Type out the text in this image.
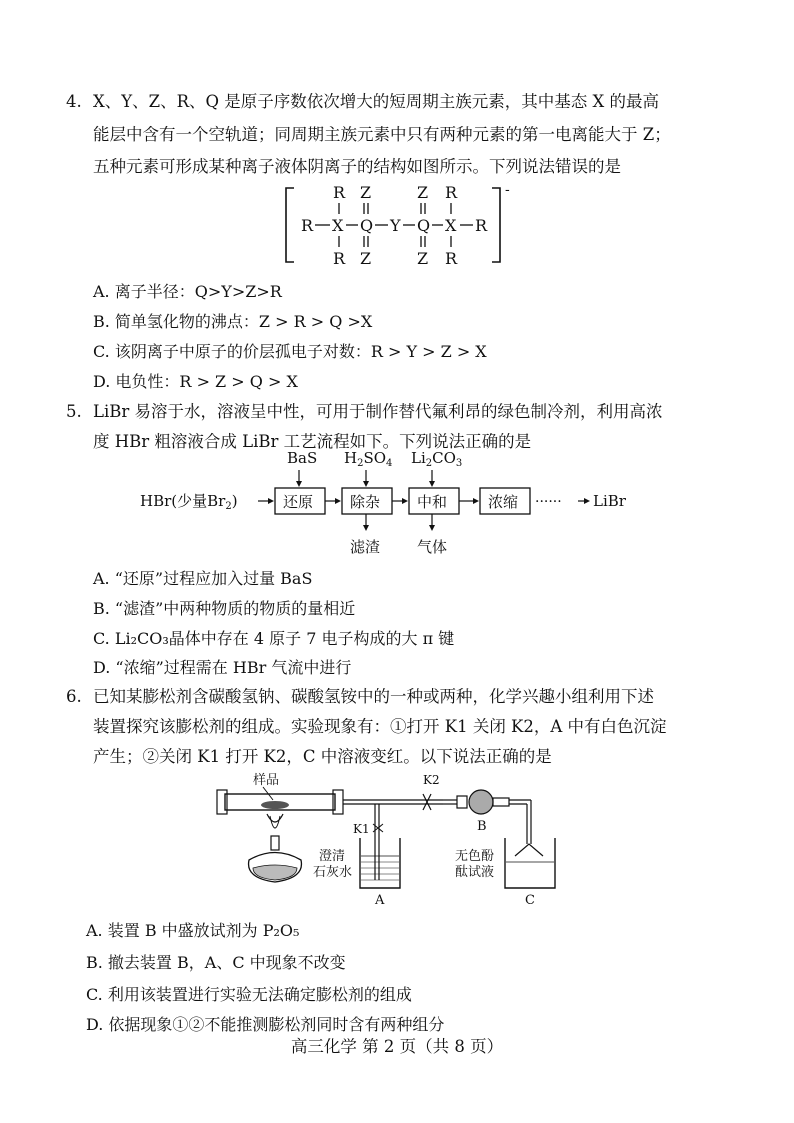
4. X、Y、Z、R、Q 是原子序数依次增大的短周期主族元素，其中基态 X 的最高
能层中含有一个空轨道；同周期主族元素中只有两种元素的第一电离能大于 Z；
五种元素可形成某种离子液体阴离子的结构如图所示。下列说法错误的是
-
R Z	Z R
R X Q Y Q X R
R Z	Z R
A. 离子半径：Q>Y>Z>R
B. 简单氢化物的沸点：Z > R > Q >X
C. 该阴离子中原子的价层孤电子对数：R > Y > Z > X
D. 电负性：R > Z > Q > X
5. LiBr 易溶于水，溶液呈中性，可用于制作替代氟利昂的绿色制冷剂，利用高浓
度 HBr 粗溶液合成 LiBr 工艺流程如下。下列说法正确的是
BaS $H_2SO_4$ $Li_2CO_3$
HBr(少量$Br_2$)	还原 除杂 中和	浓缩 ······ LiBr
滤渣 气体
A. “还原”过程应加入过量 BaS
B. “滤渣”中两种物质的物质的量相近
C. Li₂CO₃晶体中存在 4 原子 7 电子构成的大 π 键
D. “浓缩”过程需在 HBr 气流中进行
6. 已知某膨松剂含碳酸氢钠、碳酸氢铵中的一种或两种，化学兴趣小组利用下述
装置探究该膨松剂的组成。实验现象有：①打开 K1 关闭 K2，A 中有白色沉淀
产生；②关闭 K1 打开 K2，C 中溶液变红。以下说法正确的是
样品	K2
K1
澄清
石灰水
A
B
无色酚
酞试液
C
A. 装置 B 中盛放试剂为 P₂O₅
B. 撤去装置 B，A、C 中现象不改变
C. 利用该装置进行实验无法确定膨松剂的组成
D. 依据现象①②不能推测膨松剂同时含有两种组分
高三化学 第 2 页（共 8 页）
